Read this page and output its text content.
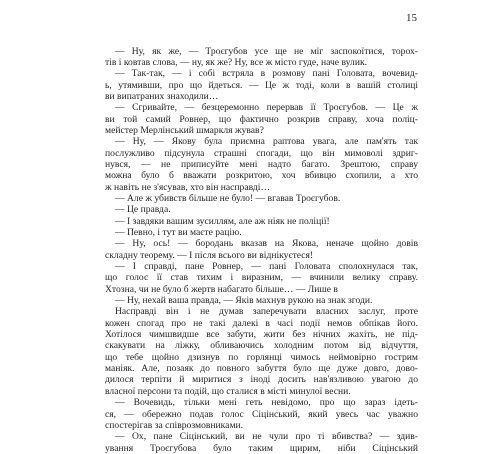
15
— Ну, як же, — Троєгубов усе ще не міг заспокоїтися, торох-
тів і ковтав слова, — ну, як же? Ну, все ж місто гуде, наче вулик.
— Так-так, — і собі встряла в розмову пані Головата, вочевид-
ь, утямивши, про що йдеться. — Це ж тоді, коли в вашій столиці
ви випатраних знаходили…
— Сгривайте, — безцеремонно перервав її Троєгубов. — Це ж
ви той самий Ровнер, що фактично розкрив справу, хоча поліц-
мейстер Мерлінський шмаркля жував?
— Ну, — Якову була приємна раптова увага, але пам'ять так
послужливо підсунула страшні спогади, що він мимоволі здриг-
нувся, — не приписуйте мені надто багато. Зрештою, справу
можна було б вважати розкритою, хоч вбивцю схопили, а хто
ж навіть не з'ясував, хто він насправді…
— Але ж убивств більше не було! — вгавав Троєгубов.
— Це правда.
— І завдяки вашим зусиллям, але аж ніяк не поліції!
— Певно, і тут ви маєте рацію.
— Ну, ось! — бородань вказав на Якова, неначе щойно довів
складну теорему. — І після всього ви віднікуєтеся!
— І справді, пане Ровнер, — пані Головата сполохнулася так,
що голос її став тихим і виразним, — вчинили велику справу.
Хтозна, чи не було б жертв набагато більше… — Лише в
— Ну, нехай ваша правда, — Яків махнув рукою на знак згоди.
Насправді він і не думав заперечувати власних заслуг, проте
кожен спогад про не такі далекі в часі події немов обпікав його.
Хотілося чимшвидше все забути, жити без нічних жахіть, не під-
скакувати на ліжку, обливаючись холодним потом від відчуття,
що тебе щойно дзизнув по горлянці чимось неймовірно гострим
маніяк. Але, позаяк до повного забуття було ще дуже довго, дово-
дилося терпіти й миритися з іноді досить нав'язливою увагою до
власної персони та подій, що сталися в місті минулої весни.
— Вочевидь, тільки мені геть невідомо, про що зараз ідеть-
ся, — обережно подав голос Сіцінський, який увесь час уважно
спостерігав за співрозмовниками.
— Ох, пане Сіцінський, ви не чули про ті вбивства? — здив-
ування Троєгубова було таким щирим, ніби Сіцінський
